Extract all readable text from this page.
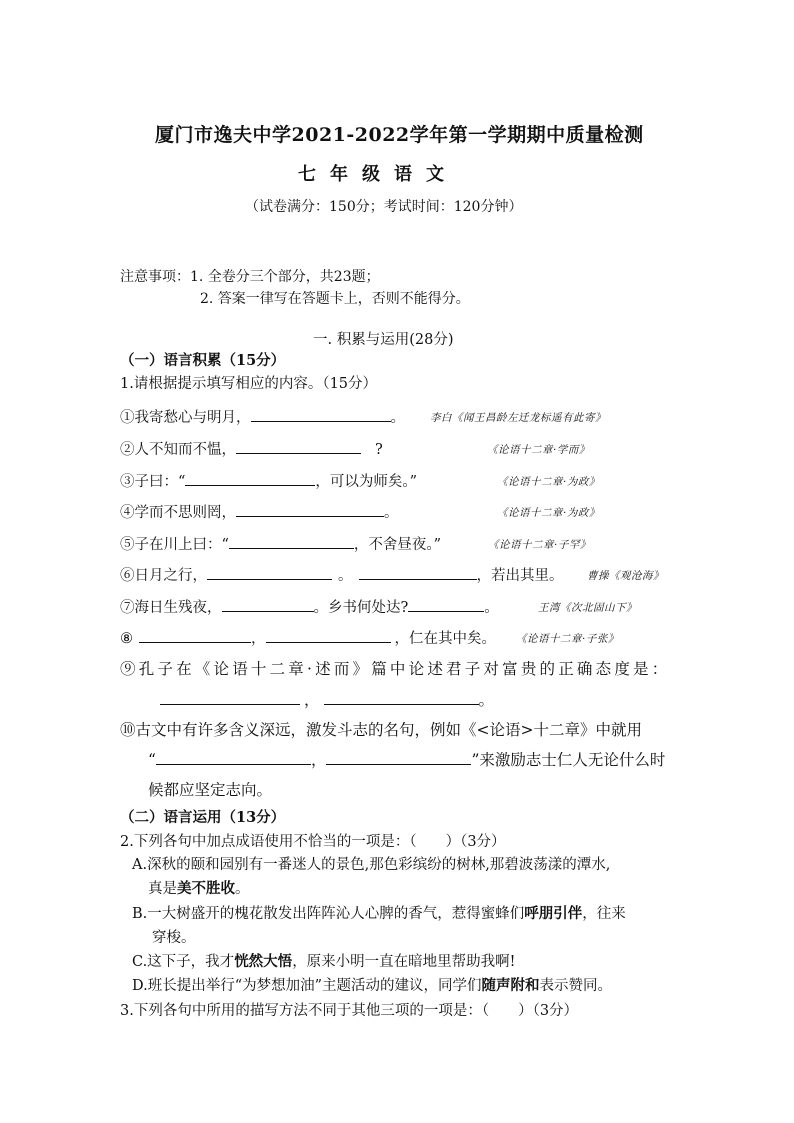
厦门市逸夫中学2021-2022学年第一学期期中质量检测
七年级语文
（试卷满分：150分；考试时间：120分钟）
注意事项：1. 全卷分三个部分，共23题；
2. 答案一律写在答题卡上，否则不能得分。
一. 积累与运用(28分)
（一）语言积累（15分）
1.请根据提示填写相应的内容。（15分）
①我寄愁心与明月，	。 李白《闻王昌龄左迁龙标遥有此寄》
②人不知而不愠，	?	《论语十二章·学而》
③子曰：“	，可以为师矣。”	《论语十二章·为政》
④学而不思则罔，	。	《论语十二章·为政》
⑤子在川上曰：“	，不舍昼夜。”	《论语十二章·子罕》
⑥日月之行，	。	，若出其里。 曹操《观沧海》
⑦海日生残夜，	。乡书何处达?	。	王湾《次北固山下》
⑧	，	，仁在其中矣。 《论语十二章·子张》
⑨孔子在《论语十二章·述而》篇中论述君子对富贵的正确态度是：
，	。
⑩古文中有许多含义深远，激发斗志的名句，例如《<论语>十二章》中就用
“	，	”来激励志士仁人无论什么时
候都应坚定志向。
（二）语言运用（13分）
2.下列各句中加点成语使用不恰当的一项是：（　　）（3分）
A.深秋的颐和园别有一番迷人的景色,那色彩缤纷的树林,那碧波荡漾的潭水,
真是美不胜收。
B.一大树盛开的槐花散发出阵阵沁人心脾的香气，惹得蜜蜂们呼朋引伴，往来
穿梭。
C.这下子，我才恍然大悟，原来小明一直在暗地里帮助我啊!
D.班长提出举行“为梦想加油”主题活动的建议，同学们随声附和表示赞同。
3.下列各句中所用的描写方法不同于其他三项的一项是：（　　）（3分）
